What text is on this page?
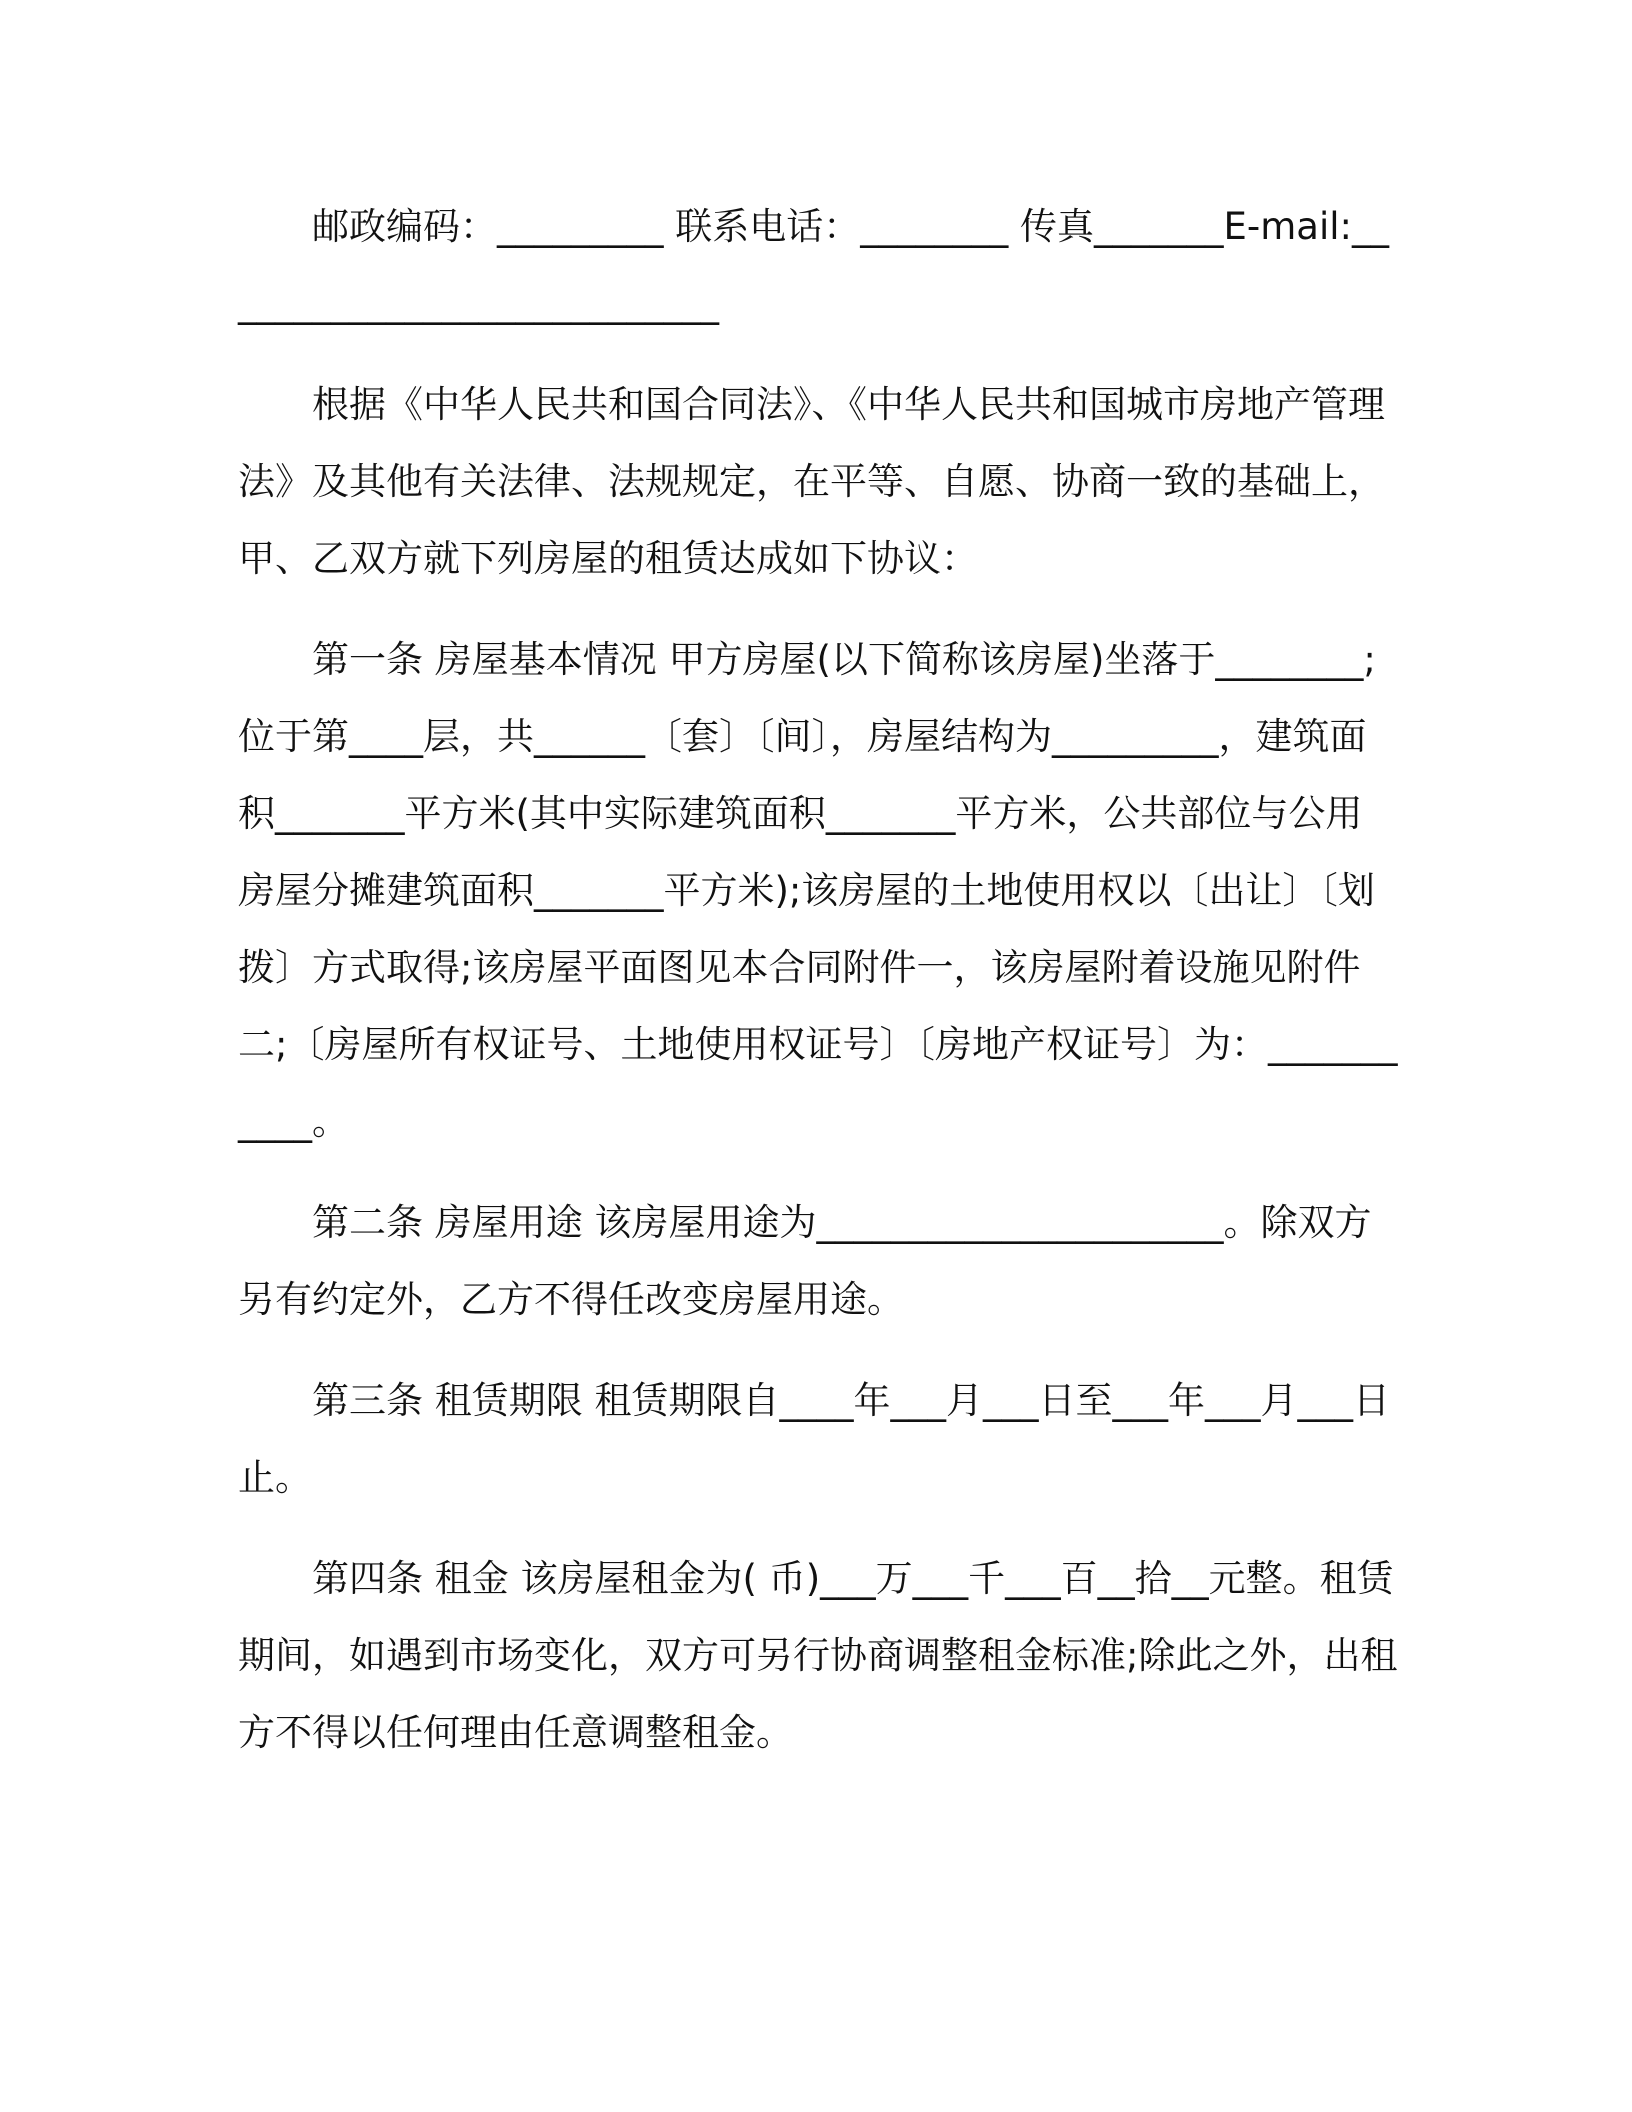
邮政编码：_________ 联系电话：________ 传真_______E-mail:____________________________

根据《中华人民共和国合同法》、《中华人民共和国城市房地产管理法》及其他有关法律、法规规定，在平等、自愿、协商一致的基础上，甲、乙双方就下列房屋的租赁达成如下协议：

第一条 房屋基本情况 甲方房屋(以下简称该房屋)坐落于________;位于第____层，共______〔套〕〔间〕，房屋结构为_________，建筑面积_______平方米(其中实际建筑面积_______平方米，公共部位与公用房屋分摊建筑面积_______平方米);该房屋的土地使用权以〔出让〕〔划拨〕方式取得;该房屋平面图见本合同附件一，该房屋附着设施见附件二;〔房屋所有权证号、土地使用权证号〕〔房地产权证号〕为：___________。

第二条 房屋用途 该房屋用途为______________________。除双方另有约定外，乙方不得任改变房屋用途。

第三条 租赁期限 租赁期限自____年___月___日至___年___月___日止。

第四条 租金 该房屋租金为( 币)___万___千___百__拾__元整。租赁期间，如遇到市场变化，双方可另行协商调整租金标准;除此之外，出租方不得以任何理由任意调整租金。
